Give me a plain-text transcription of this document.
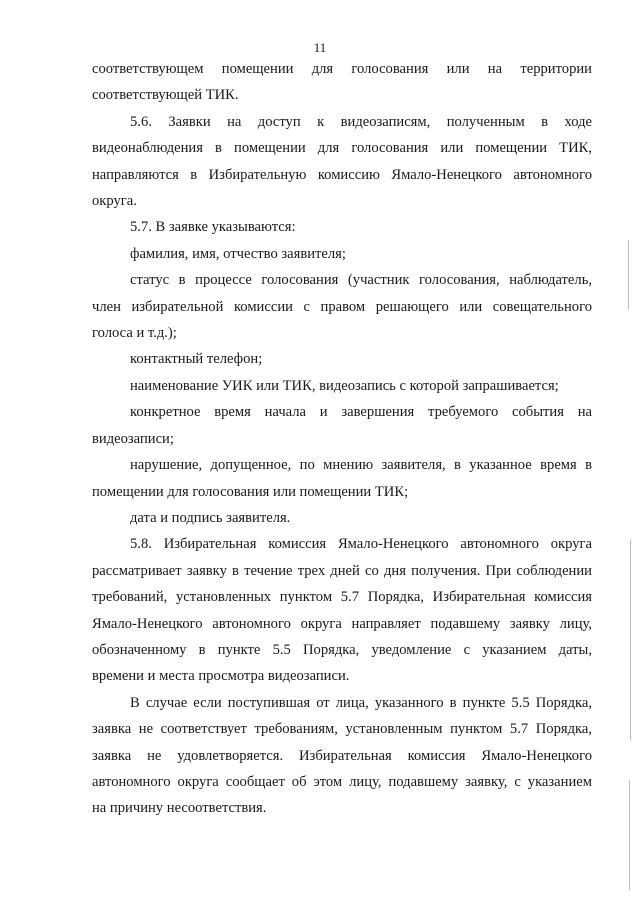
11

соответствующем помещении для голосования или на территории

соответствующей ТИК.

5.6. Заявки на доступ к видеозаписям, полученным в ходе

видеонаблюдения в помещении для голосования или помещении ТИК,

направляются в Избирательную комиссию Ямало-Ненецкого автономного

округа.

5.7. В заявке указываются:

фамилия, имя, отчество заявителя;

статус в процессе голосования (участник голосования, наблюдатель,

член избирательной комиссии с правом решающего или совещательного

голоса и т.д.);

контактный телефон;

наименование УИК или ТИК, видеозапись с которой запрашивается;

конкретное время начала и завершения требуемого события на

видеозаписи;

нарушение, допущенное, по мнению заявителя, в указанное время в

помещении для голосования или помещении ТИК;

дата и подпись заявителя.

5.8. Избирательная комиссия Ямало-Ненецкого автономного округа

рассматривает заявку в течение трех дней со дня получения. При соблюдении

требований, установленных пунктом 5.7 Порядка, Избирательная комиссия

Ямало-Ненецкого автономного округа направляет подавшему заявку лицу,

обозначенному в пункте 5.5 Порядка, уведомление с указанием даты,

времени и места просмотра видеозаписи.

В случае если поступившая от лица, указанного в пункте 5.5 Порядка,

заявка не соответствует требованиям, установленным пунктом 5.7 Порядка,

заявка не удовлетворяется. Избирательная комиссия Ямало-Ненецкого

автономного округа сообщает об этом лицу, подавшему заявку, с указанием

на причину несоответствия.
